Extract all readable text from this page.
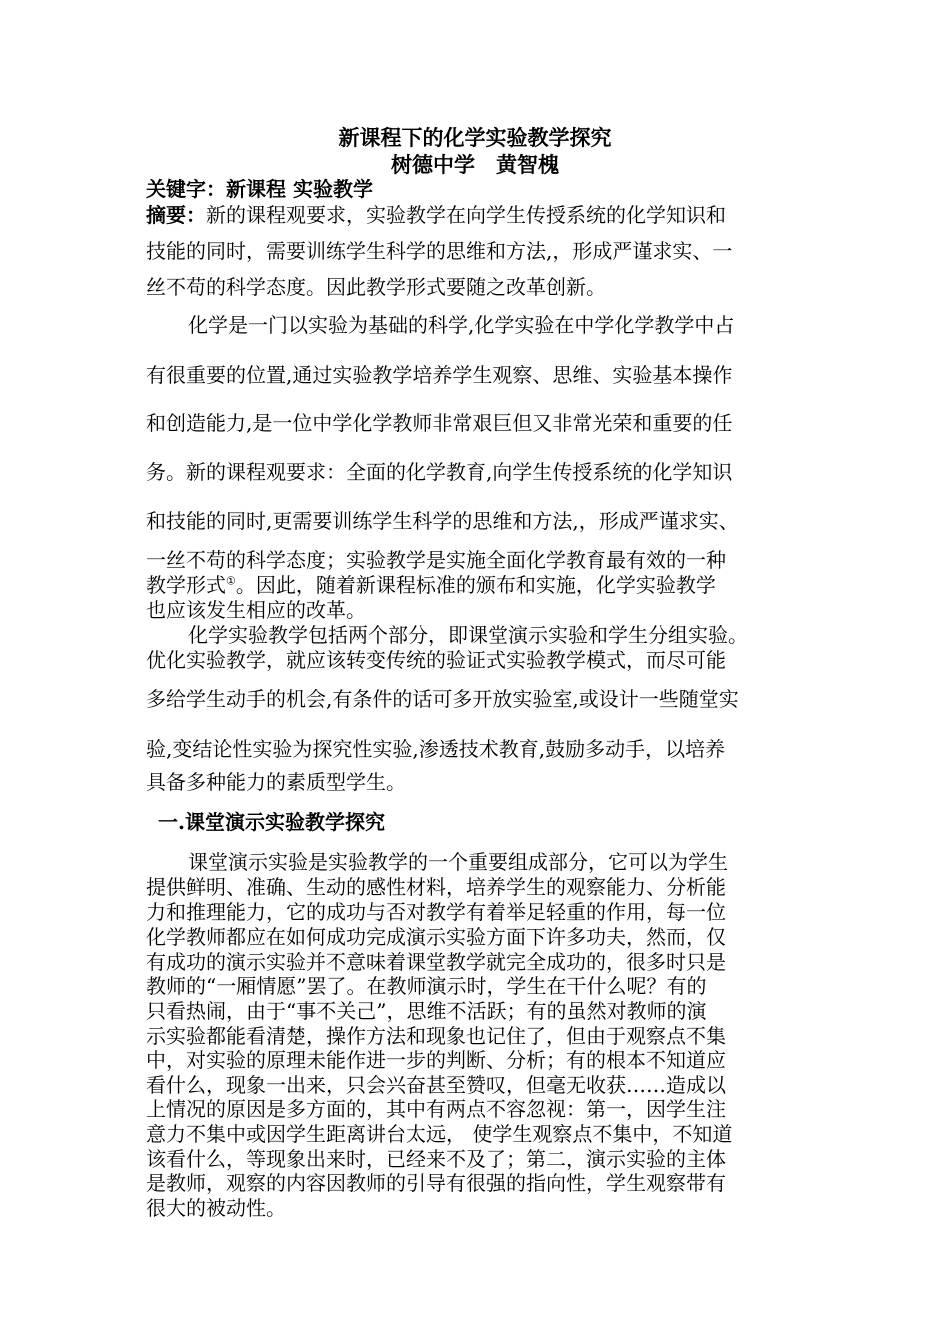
新课程下的化学实验教学探究
树德中学　黄智槐
关键字：新课程 实验教学
摘要：新的课程观要求，实验教学在向学生传授系统的化学知识和
技能的同时，需要训练学生科学的思维和方法,，形成严谨求实、一
丝不苟的科学态度。因此教学形式要随之改革创新。
化学是一门以实验为基础的科学,化学实验在中学化学教学中占
有很重要的位置,通过实验教学培养学生观察、思维、实验基本操作
和创造能力,是一位中学化学教师非常艰巨但又非常光荣和重要的任
务。新的课程观要求：全面的化学教育,向学生传授系统的化学知识
和技能的同时,更需要训练学生科学的思维和方法,，形成严谨求实、
一丝不苟的科学态度；实验教学是实施全面化学教育最有效的一种
教学形式①。因此，随着新课程标准的颁布和实施，化学实验教学
也应该发生相应的改革。
化学实验教学包括两个部分，即课堂演示实验和学生分组实验。
优化实验教学，就应该转变传统的验证式实验教学模式，而尽可能
多给学生动手的机会,有条件的话可多开放实验室,或设计一些随堂实
验,变结论性实验为探究性实验,渗透技术教育,鼓励多动手，以培养
具备多种能力的素质型学生。
一.课堂演示实验教学探究
课堂演示实验是实验教学的一个重要组成部分，它可以为学生
提供鲜明、准确、生动的感性材料，培养学生的观察能力、分析能
力和推理能力，它的成功与否对教学有着举足轻重的作用，每一位
化学教师都应在如何成功完成演示实验方面下许多功夫，然而，仅
有成功的演示实验并不意味着课堂教学就完全成功的，很多时只是
教师的“一厢情愿”罢了。在教师演示时，学生在干什么呢？有的
只看热闹，由于“事不关己”，思维不活跃；有的虽然对教师的演
示实验都能看清楚，操作方法和现象也记住了，但由于观察点不集
中，对实验的原理未能作进一步的判断、分析；有的根本不知道应
看什么，现象一出来，只会兴奋甚至赞叹，但毫无收获……造成以
上情况的原因是多方面的，其中有两点不容忽视：第一，因学生注
意力不集中或因学生距离讲台太远， 使学生观察点不集中，不知道
该看什么，等现象出来时，已经来不及了；第二，演示实验的主体
是教师，观察的内容因教师的引导有很强的指向性，学生观察带有
很大的被动性。
